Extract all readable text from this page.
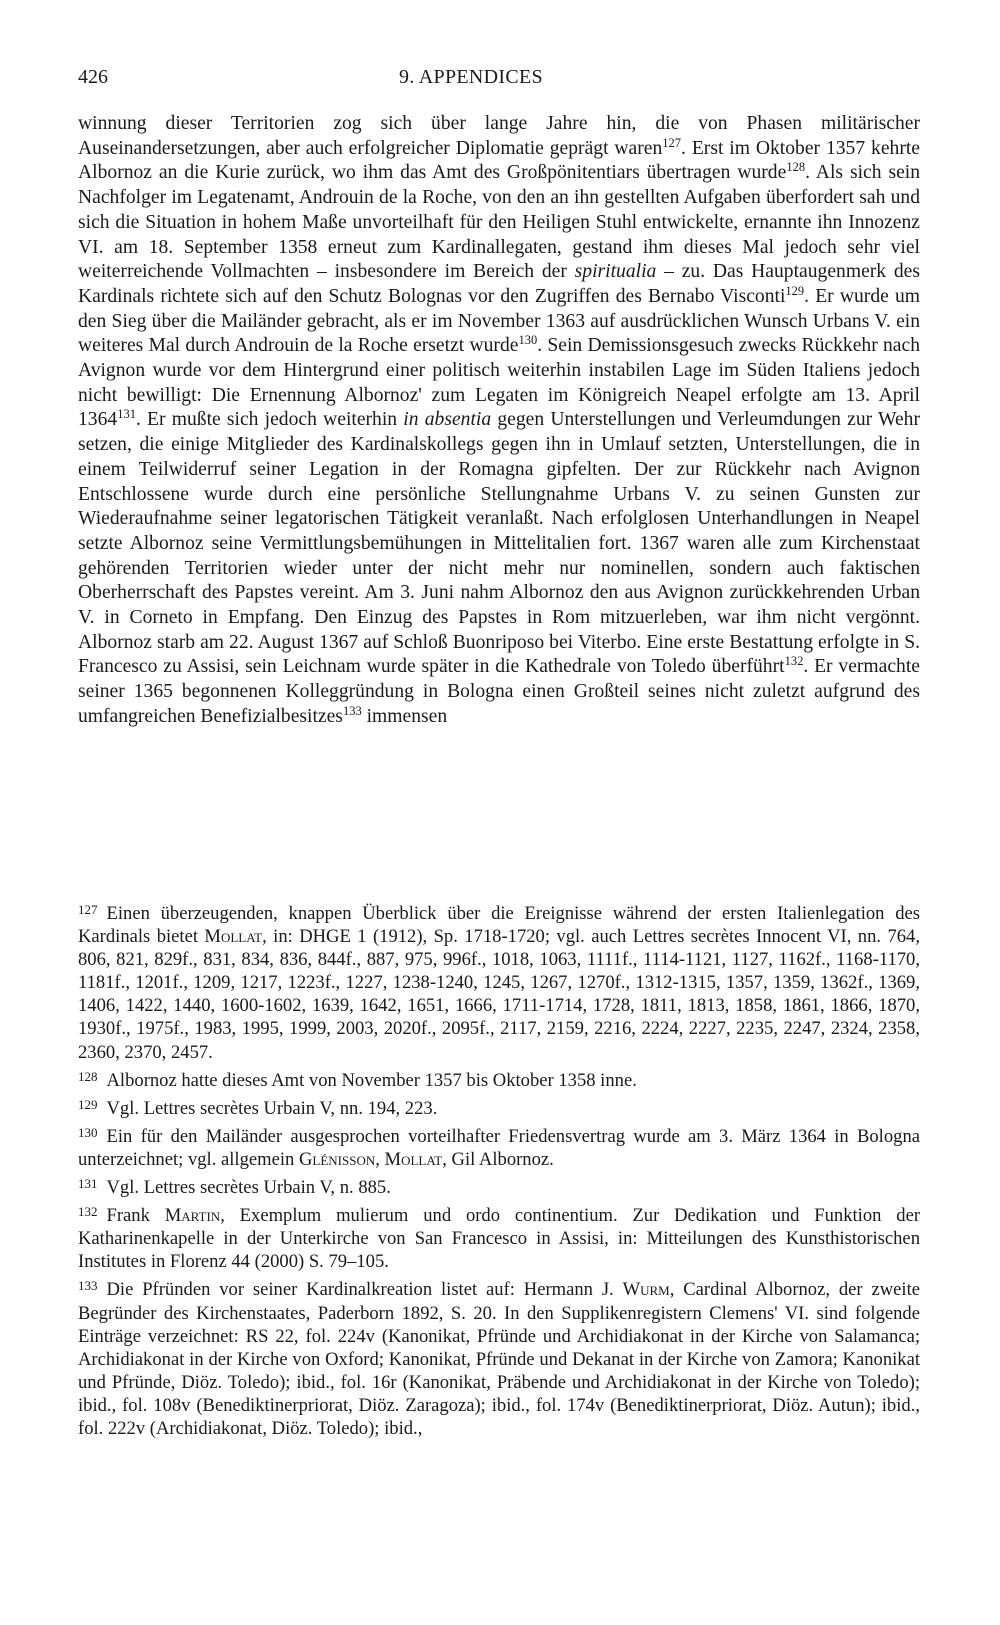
426	9. APPENDICES

winnung dieser Territorien zog sich über lange Jahre hin, die von Phasen militärischer Auseinandersetzungen, aber auch erfolgreicher Diplomatie geprägt waren$^{127}$. Erst im Oktober 1357 kehrte Albornoz an die Kurie zurück, wo ihm das Amt des Großpönitentiars übertragen wurde$^{128}$. Als sich sein Nachfolger im Legatenamt, Androuin de la Roche, von den an ihn gestellten Aufgaben überfordert sah und sich die Situation in hohem Maße unvorteilhaft für den Heiligen Stuhl entwickelte, ernannte ihn Innozenz VI. am 18. September 1358 erneut zum Kardinallegaten, gestand ihm dieses Mal jedoch sehr viel weiterreichende Vollmachten – insbesondere im Bereich der spiritualia – zu. Das Hauptaugenmerk des Kardinals richtete sich auf den Schutz Bolognas vor den Zugriffen des Bernabo Visconti$^{129}$. Er wurde um den Sieg über die Mailänder gebracht, als er im November 1363 auf ausdrücklichen Wunsch Urbans V. ein weiteres Mal durch Androuin de la Roche ersetzt wurde$^{130}$. Sein Demissionsgesuch zwecks Rückkehr nach Avignon wurde vor dem Hintergrund einer politisch weiterhin instabilen Lage im Süden Italiens jedoch nicht bewilligt: Die Ernennung Albornoz' zum Legaten im Königreich Neapel erfolgte am 13. April 1364$^{131}$. Er mußte sich jedoch weiterhin in absentia gegen Unterstellungen und Verleumdungen zur Wehr setzen, die einige Mitglieder des Kardinalskollegs gegen ihn in Umlauf setzten, Unterstellungen, die in einem Teilwiderruf seiner Legation in der Romagna gipfelten. Der zur Rückkehr nach Avignon Entschlossene wurde durch eine persönliche Stellungnahme Urbans V. zu seinen Gunsten zur Wiederaufnahme seiner legatorischen Tätigkeit veranlaßt. Nach erfolglosen Unterhandlungen in Neapel setzte Albornoz seine Vermittlungsbemühungen in Mittelitalien fort. 1367 waren alle zum Kirchenstaat gehörenden Territorien wieder unter der nicht mehr nur nominellen, sondern auch faktischen Oberherrschaft des Papstes vereint. Am 3. Juni nahm Albornoz den aus Avignon zurückkehrenden Urban V. in Corneto in Empfang. Den Einzug des Papstes in Rom mitzuerleben, war ihm nicht vergönnt. Albornoz starb am 22. August 1367 auf Schloß Buonriposo bei Viterbo. Eine erste Bestattung erfolgte in S. Francesco zu Assisi, sein Leichnam wurde später in die Kathedrale von Toledo überführt$^{132}$. Er vermachte seiner 1365 begonnenen Kolleggründung in Bologna einen Großteil seines nicht zuletzt aufgrund des umfangreichen Benefizialbesitzes$^{133}$ immensen

$^{127}$ Einen überzeugenden, knappen Überblick über die Ereignisse während der ersten Italienlegation des Kardinals bietet Mollat, in: DHGE 1 (1912), Sp. 1718-1720; vgl. auch Lettres secrètes Innocent VI, nn. 764, 806, 821, 829f., 831, 834, 836, 844f., 887, 975, 996f., 1018, 1063, 1111f., 1114-1121, 1127, 1162f., 1168-1170, 1181f., 1201f., 1209, 1217, 1223f., 1227, 1238-1240, 1245, 1267, 1270f., 1312-1315, 1357, 1359, 1362f., 1369, 1406, 1422, 1440, 1600-1602, 1639, 1642, 1651, 1666, 1711-1714, 1728, 1811, 1813, 1858, 1861, 1866, 1870, 1930f., 1975f., 1983, 1995, 1999, 2003, 2020f., 2095f., 2117, 2159, 2216, 2224, 2227, 2235, 2247, 2324, 2358, 2360, 2370, 2457.

$^{128}$ Albornoz hatte dieses Amt von November 1357 bis Oktober 1358 inne.

$^{129}$ Vgl. Lettres secrètes Urbain V, nn. 194, 223.

$^{130}$ Ein für den Mailänder ausgesprochen vorteilhafter Friedensvertrag wurde am 3. März 1364 in Bologna unterzeichnet; vgl. allgemein Glénisson, Mollat, Gil Albornoz.

$^{131}$ Vgl. Lettres secrètes Urbain V, n. 885.

$^{132}$ Frank Martin, Exemplum mulierum und ordo continentium. Zur Dedikation und Funktion der Katharinenkapelle in der Unterkirche von San Francesco in Assisi, in: Mitteilungen des Kunsthistorischen Institutes in Florenz 44 (2000) S. 79–105.

$^{133}$ Die Pfründen vor seiner Kardinalkreation listet auf: Hermann J. Wurm, Cardinal Albornoz, der zweite Begründer des Kirchenstaates, Paderborn 1892, S. 20. In den Supplikenregistern Clemens' VI. sind folgende Einträge verzeichnet: RS 22, fol. 224v (Kanonikat, Pfründe und Archidiakonat in der Kirche von Salamanca; Archidiakonat in der Kirche von Oxford; Kanonikat, Pfründe und Dekanat in der Kirche von Zamora; Kanonikat und Pfründe, Diöz. Toledo); ibid., fol. 16r (Kanonikat, Präbende und Archidiakonat in der Kirche von Toledo); ibid., fol. 108v (Benediktinerpriorat, Diöz. Zaragoza); ibid., fol. 174v (Benediktinerpriorat, Diöz. Autun); ibid., fol. 222v (Archidiakonat, Diöz. Toledo); ibid.,
